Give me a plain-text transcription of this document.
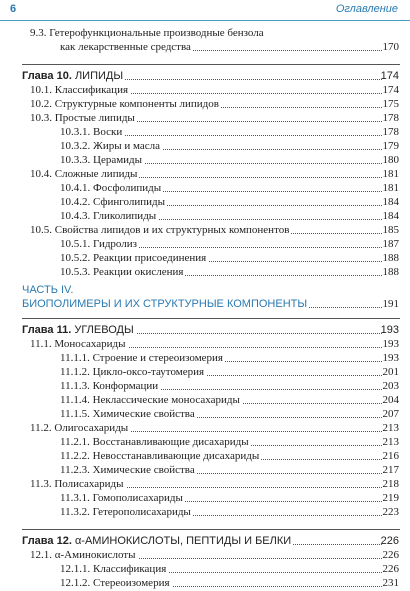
6	Оглавление
9.3. Гетерофункциональные производные бензола
как лекарственные средства	170
Глава 10. ЛИПИДЫ	174
10.1. Классификация	174
10.2. Структурные компоненты липидов	175
10.3. Простые липиды	178
10.3.1. Воски	178
10.3.2. Жиры и масла	179
10.3.3. Церамиды	180
10.4. Сложные липиды	181
10.4.1. Фосфолипиды	181
10.4.2. Сфинголипиды	184
10.4.3. Гликолипиды	184
10.5. Свойства липидов и их структурных компонентов	185
10.5.1. Гидролиз	187
10.5.2. Реакции присоединения	188
10.5.3. Реакции окисления	188
ЧАСТЬ IV.
БИОПОЛИМЕРЫ И ИХ СТРУКТУРНЫЕ КОМПОНЕНТЫ	191
Глава 11. УГЛЕВОДЫ	193
11.1. Моносахариды	193
11.1.1. Строение и стереоизомерия	193
11.1.2. Цикло-оксо-таутомерия	201
11.1.3. Конформации	203
11.1.4. Неклассические моносахариды	204
11.1.5. Химические свойства	207
11.2. Олигосахариды	213
11.2.1. Восстанавливающие дисахариды	213
11.2.2. Невосстанавливающие дисахариды	216
11.2.3. Химические свойства	217
11.3. Полисахариды	218
11.3.1. Гомополисахариды	219
11.3.2. Гетерополисахариды	223
Глава 12. α-АМИНОКИСЛОТЫ, ПЕПТИДЫ И БЕЛКИ	226
12.1. α-Аминокислоты	226
12.1.1. Классификация	226
12.1.2. Стереоизомерия	231
